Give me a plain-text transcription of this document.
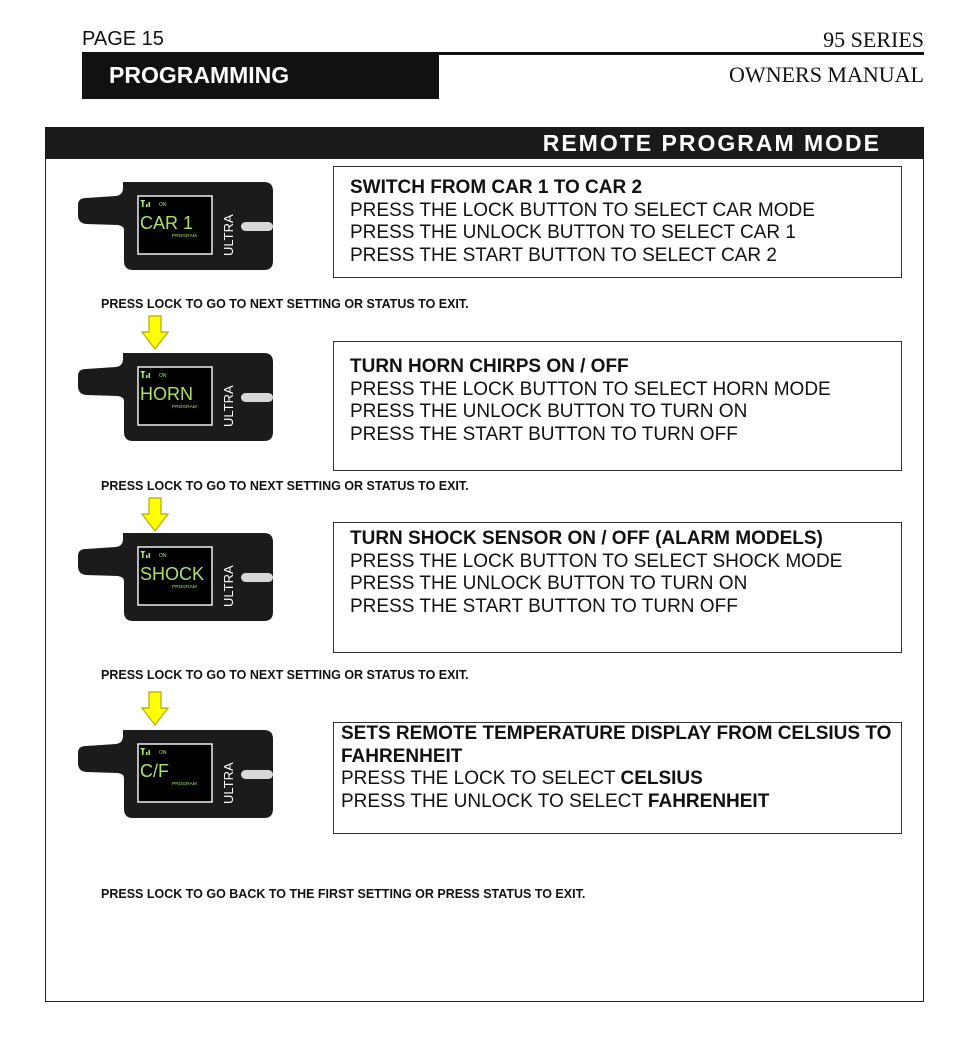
PAGE 15	95 SERIES
PROGRAMMING	OWNERS MANUAL
REMOTE PROGRAM MODE
ON
CAR 1
PROGRAM ULTRA
SWITCH FROM CAR 1 TO CAR 2
PRESS THE LOCK BUTTON TO SELECT CAR MODE
PRESS THE UNLOCK BUTTON TO SELECT CAR 1
PRESS THE START BUTTON TO SELECT CAR 2
PRESS LOCK TO GO TO NEXT SETTING OR STATUS TO EXIT.
ON
HORN
PROGRAM ULTRA
TURN HORN CHIRPS ON / OFF
PRESS THE LOCK BUTTON TO SELECT HORN MODE
PRESS THE UNLOCK BUTTON TO TURN ON
PRESS THE START BUTTON TO TURN OFF
PRESS LOCK TO GO TO NEXT SETTING OR STATUS TO EXIT.
ON
SHOCK
PROGRAM ULTRA
TURN SHOCK SENSOR ON / OFF (ALARM MODELS)
PRESS THE LOCK BUTTON TO SELECT SHOCK MODE
PRESS THE UNLOCK BUTTON TO TURN ON
PRESS THE START BUTTON TO TURN OFF
PRESS LOCK TO GO TO NEXT SETTING OR STATUS TO EXIT.
ON
C/F
PROGRAM ULTRA
SETS REMOTE TEMPERATURE DISPLAY FROM CELSIUS TO FAHRENHEIT
PRESS THE LOCK TO SELECT CELSIUS
PRESS THE UNLOCK TO SELECT FAHRENHEIT
PRESS LOCK TO GO BACK TO THE FIRST SETTING OR PRESS STATUS TO EXIT.
